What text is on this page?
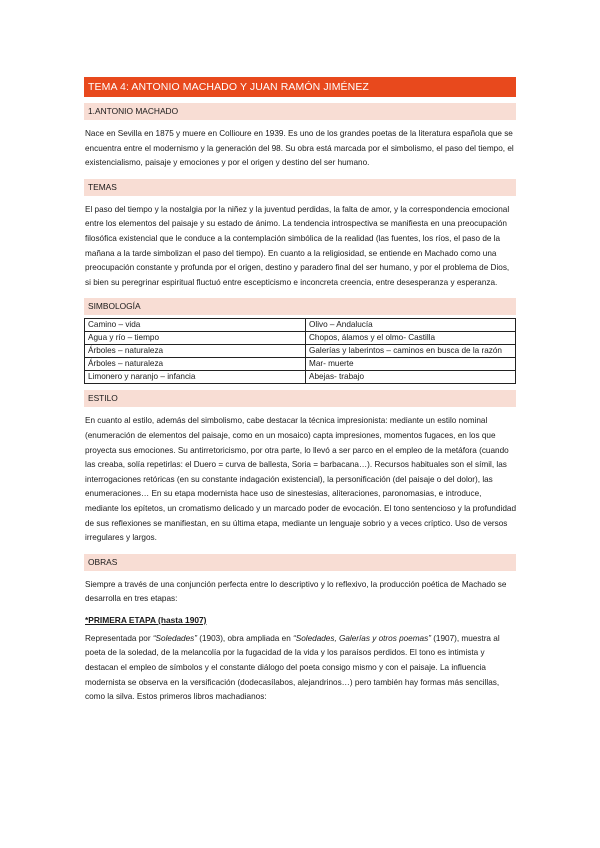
TEMA 4: ANTONIO MACHADO Y JUAN RAMÓN JIMÉNEZ
1.ANTONIO MACHADO

Nace en Sevilla en 1875 y muere en Collioure en 1939. Es uno de los grandes poetas de la literatura española que se encuentra entre el modernismo y la generación del 98. Su obra está marcada por el simbolismo, el paso del tiempo, el existencialismo, paisaje y emociones y por el origen y destino del ser humano.

TEMAS

El paso del tiempo y la nostalgia por la niñez y la juventud perdidas, la falta de amor, y la correspondencia emocional entre los elementos del paisaje y su estado de ánimo. La tendencia introspectiva se manifiesta en una preocupación filosófica existencial que le conduce a la contemplación simbólica de la realidad (las fuentes, los ríos, el paso de la mañana a la tarde simbolizan el paso del tiempo). En cuanto a la religiosidad, se entiende en Machado como una preocupación constante y profunda por el origen, destino y paradero final del ser humano, y por el problema de Dios, si bien su peregrinar espiritual fluctuó entre escepticismo e inconcreta creencia, entre desesperanza y esperanza.

SIMBOLOGÍA
Camino – vida	Olivo – Andalucía
Agua y río – tiempo	Chopos, álamos y el olmo- Castilla
Árboles – naturaleza	Galerías y laberintos – caminos en busca de la razón
Árboles – naturaleza	Mar- muerte
Limonero y naranjo – infancia	Abejas- trabajo
ESTILO

En cuanto al estilo, además del simbolismo, cabe destacar la técnica impresionista: mediante un estilo nominal (enumeración de elementos del paisaje, como en un mosaico) capta impresiones, momentos fugaces, en los que proyecta sus emociones. Su antirretoricismo, por otra parte, lo llevó a ser parco en el empleo de la metáfora (cuando las creaba, solía repetirlas: el Duero = curva de ballesta, Soria = barbacana…). Recursos habituales son el símil, las interrogaciones retóricas (en su constante indagación existencial), la personificación (del paisaje o del dolor), las enumeraciones… En su etapa modernista hace uso de sinestesias, aliteraciones, paronomasias, e introduce, mediante los epítetos, un cromatismo delicado y un marcado poder de evocación. El tono sentencioso y la profundidad de sus reflexiones se manifiestan, en su última etapa, mediante un lenguaje sobrio y a veces críptico. Uso de versos irregulares y largos.

OBRAS

Siempre a través de una conjunción perfecta entre lo descriptivo y lo reflexivo, la producción poética de Machado se desarrolla en tres etapas:

*PRIMERA ETAPA (hasta 1907)

Representada por “Soledades” (1903), obra ampliada en “Soledades, Galerías y otros poemas” (1907), muestra al poeta de la soledad, de la melancolía por la fugacidad de la vida y los paraísos perdidos. El tono es intimista y destacan el empleo de símbolos y el constante diálogo del poeta consigo mismo y con el paisaje. La influencia modernista se observa en la versificación (dodecasílabos, alejandrinos…) pero también hay formas más sencillas, como la silva. Estos primeros libros machadianos:
